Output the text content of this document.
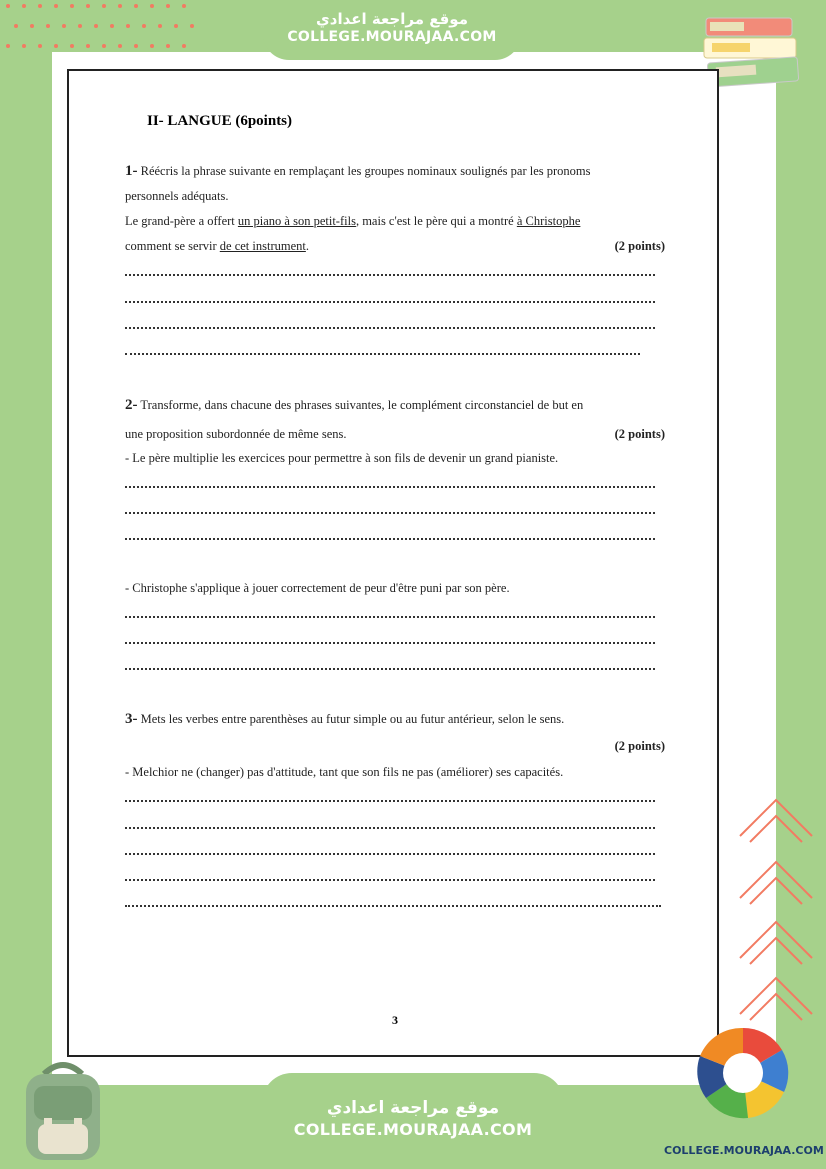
موقع مراجعة اعدادي
COLLEGE.MOURAJAA.COM
II- LANGUE (6points)
1- Réécris la phrase suivante en remplaçant les groupes nominaux soulignés par les pronoms
personnels adéquats.
Le grand-père a offert un piano à son petit-fils, mais c'est le père qui a montré à Christophe
comment se servir de cet instrument.	(2 points)
2- Transforme, dans chacune des phrases suivantes, le complément circonstanciel de but en
une proposition subordonnée de même sens.	(2 points)
- Le père multiplie les exercices pour permettre à son fils de devenir un grand pianiste.
- Christophe s'applique à jouer correctement de peur d'être puni par son père.
3- Mets les verbes entre parenthèses au futur simple ou au futur antérieur, selon le sens.
(2 points)
- Melchior ne (changer) pas d'attitude, tant que son fils ne pas (améliorer) ses capacités.
3
موقع مراجعة اعدادي
COLLEGE.MOURAJAA.COM
COLLEGE.MOURAJAA.COM
